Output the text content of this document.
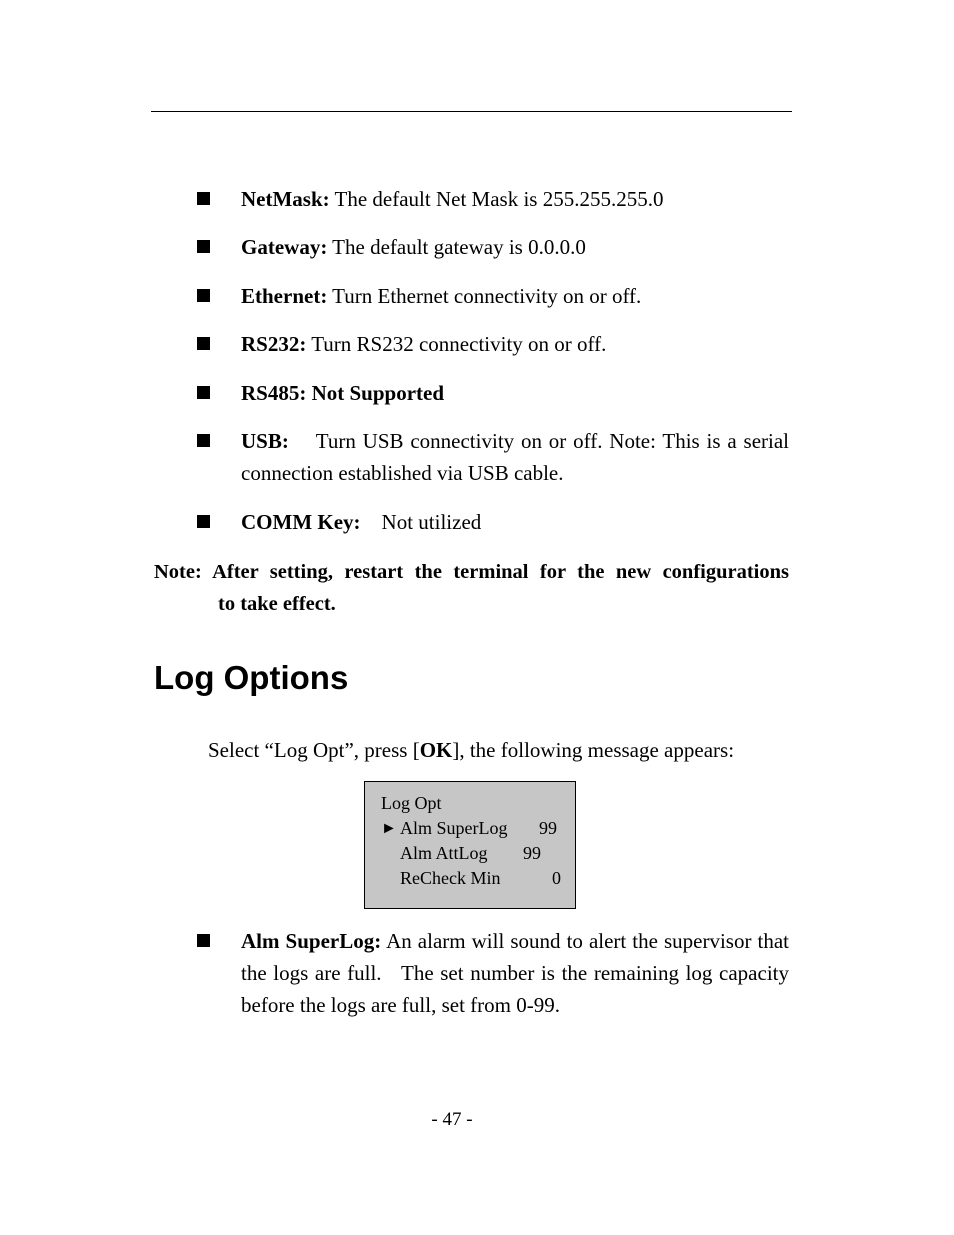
NetMask: The default Net Mask is 255.255.255.0
Gateway: The default gateway is 0.0.0.0
Ethernet: Turn Ethernet connectivity on or off.
RS232: Turn RS232 connectivity on or off.
RS485: Not Supported
USB:    Turn USB connectivity on or off. Note: This is a serial connection established via USB cable.
COMM Key:    Not utilized
Note: After setting, restart the terminal for the new configurations
to take effect.
Log Options
Select “Log Opt”, press [OK], the following message appears:
Log Opt
► Alm SuperLog 99
Alm AttLog 99
ReCheck Min	0
Alm SuperLog: An alarm will sound to alert the supervisor that the logs are full.   The set number is the remaining log capacity before the logs are full, set from 0-99.
- 47 -
